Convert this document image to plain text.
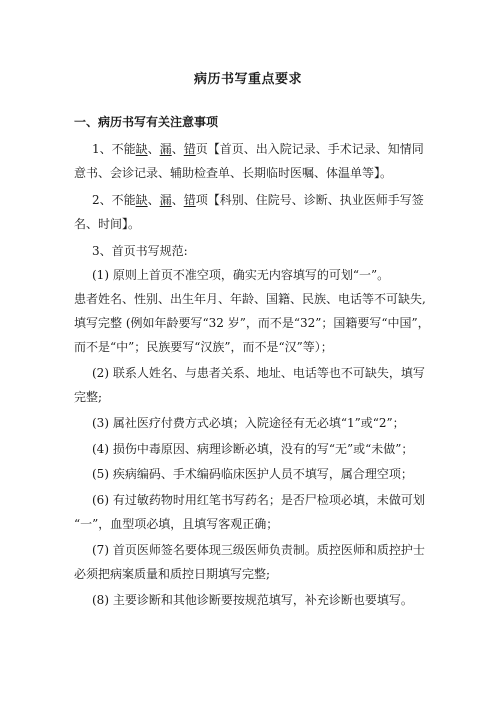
病历书写重点要求
一、病历书写有关注意事项
1、不能缺、漏、错页【首页、出入院记录、手术记录、知情同
意书、会诊记录、辅助检查单、长期临时医嘱、体温单等】。
2、不能缺、漏、错项【科别、住院号、诊断、执业医师手写签
名、时间】。
3、首页书写规范:
(1) 原则上首页不准空项，确实无内容填写的可划“一”。
患者姓名、性别、出生年月、年龄、国籍、民族、电话等不可缺失,
填写完整 (例如年龄要写“32 岁”，而不是“32”；国籍要写“中国”，
而不是“中”；民族要写“汉族”，而不是“汉”等）；
(2) 联系人姓名、与患者关系、地址、电话等也不可缺失，填写
完整;
(3) 属社医疗付费方式必填；入院途径有无必填“1”或“2”；
(4) 损伤中毒原因、病理诊断必填，没有的写“无”或“未做”；
(5) 疾病编码、手术编码临床医护人员不填写，属合理空项；
(6) 有过敏药物时用红笔书写药名；是否尸检项必填，未做可划
“一”，血型项必填，且填写客观正确；
(7) 首页医师签名要体现三级医师负责制。质控医师和质控护士
必须把病案质量和质控日期填写完整;
(8) 主要诊断和其他诊断要按规范填写，补充诊断也要填写。
